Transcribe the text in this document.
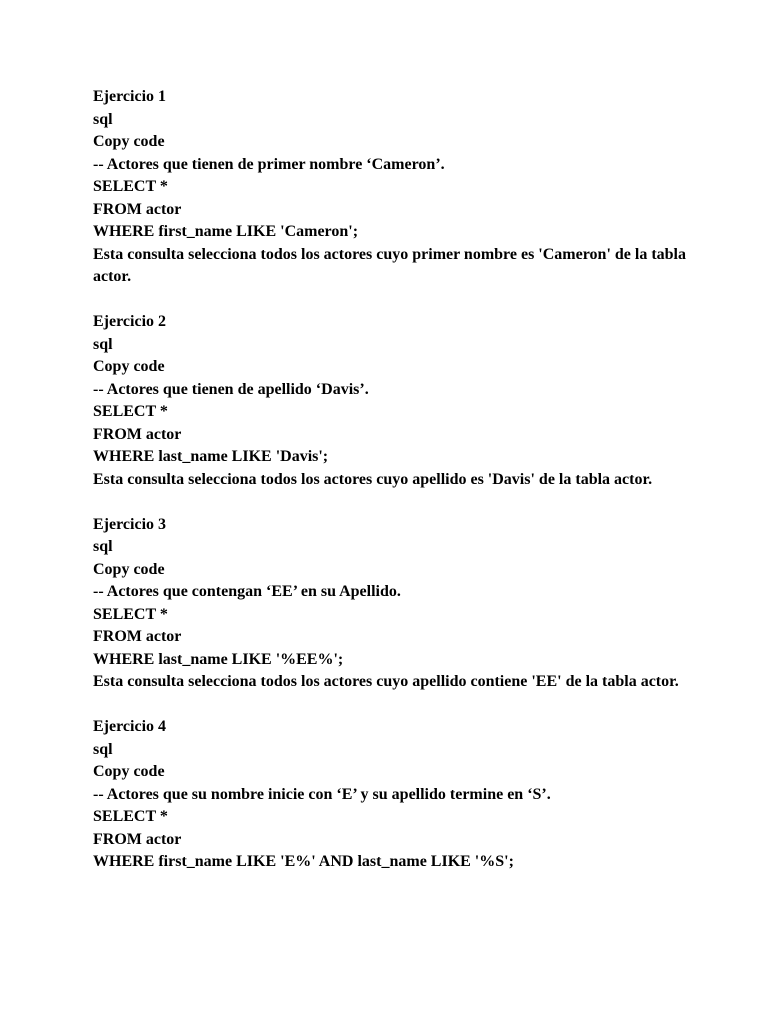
Ejercicio 1
sql
Copy code
-- Actores que tienen de primer nombre ‘Cameron’.
SELECT *
FROM actor
WHERE first_name LIKE 'Cameron';
Esta consulta selecciona todos los actores cuyo primer nombre es 'Cameron' de la tabla actor.
Ejercicio 2
sql
Copy code
-- Actores que tienen de apellido ‘Davis’.
SELECT *
FROM actor
WHERE last_name LIKE 'Davis';
Esta consulta selecciona todos los actores cuyo apellido es 'Davis' de la tabla actor.
Ejercicio 3
sql
Copy code
-- Actores que contengan ‘EE’ en su Apellido.
SELECT *
FROM actor
WHERE last_name LIKE '%EE%';
Esta consulta selecciona todos los actores cuyo apellido contiene 'EE' de la tabla actor.
Ejercicio 4
sql
Copy code
-- Actores que su nombre inicie con ‘E’ y su apellido termine en ‘S’.
SELECT *
FROM actor
WHERE first_name LIKE 'E%' AND last_name LIKE '%S';
